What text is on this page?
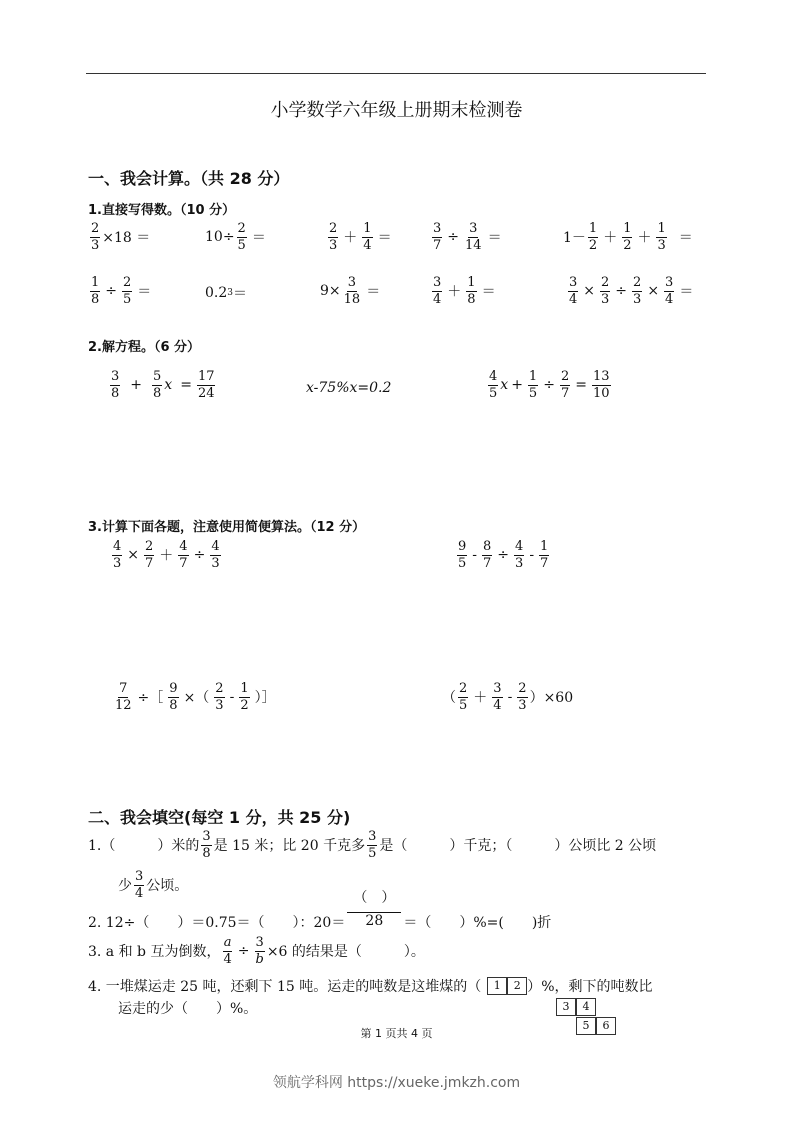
小学数学六年级上册期末检测卷
一、我会计算。（共 28 分）
1.直接写得数。（10 分）
$\frac{2}{3} \times 18$ ＝	$10\div \frac{2}{5}$ ＝	$\frac{2}{3} + \frac{1}{4}$ ＝	$\frac{3}{7} \div \frac{3}{14}$ ＝	$1- \frac{1}{2} + \frac{1}{2} + \frac{1}{3}$ ＝
$\frac{1}{8} \div \frac{2}{5}$ ＝	0.2 3 ＝	$9\times \frac{3}{18}$ ＝	$\frac{3}{4} + \frac{1}{8}$ ＝	$\frac{3}{4} \times \frac{2}{3} \div \frac{2}{3} \times \frac{3}{4}$ ＝
2.解方程。（6 分）
$\frac{3}{8} + \frac{5}{8}$ $x = \frac{17}{24}$	x-75%x=0.2	$\frac{4}{5}$ $x + \frac{1}{5} \div \frac{2}{7} = \frac{13}{10}$
3.计算下面各题，注意使用简便算法。（12 分）
$\frac{4}{3} \times \frac{2}{7} + \frac{4}{7} \div \frac{4}{3}$	$\frac{9}{5} - \frac{8}{7} \div \frac{4}{3} - \frac{1}{7}$
$\frac{7}{12}$ ÷［ $\frac{9}{8}$ ×（ $\frac{2}{3} - \frac{1}{2}$ ）］	（ $\frac{2}{5} + \frac{3}{4} - \frac{2}{3} )\times 60$
二、我会填空(每空 1 分，共 25 分)
1.（　　　）米的 $\frac{3}{8}$ 是 15 米；比 20 千克多 $\frac{3}{5}$ 是（　　　）千克；（　　　）公顷比 2 公顷
少 $\frac{3}{4}$ 公顷。
2. 12÷（　　）＝0.75＝（　　）：$20= \frac{( )}{28}$ ＝（　　）%=(　　)折
3. a 和 b 互为倒数， $\frac{a}{4} \div \frac{3}{b} \times 6$ 的结果是（　　　）。
4. 一堆煤运走 25 吨，还剩下 15 吨。运走的吨数是这堆煤的（	1	2 ） %，剩下的吨数比
运走的少（　　）%。	3 4
5 6
第 1 页共 4 页
领航学科网 https://xueke.jmkzh.com
